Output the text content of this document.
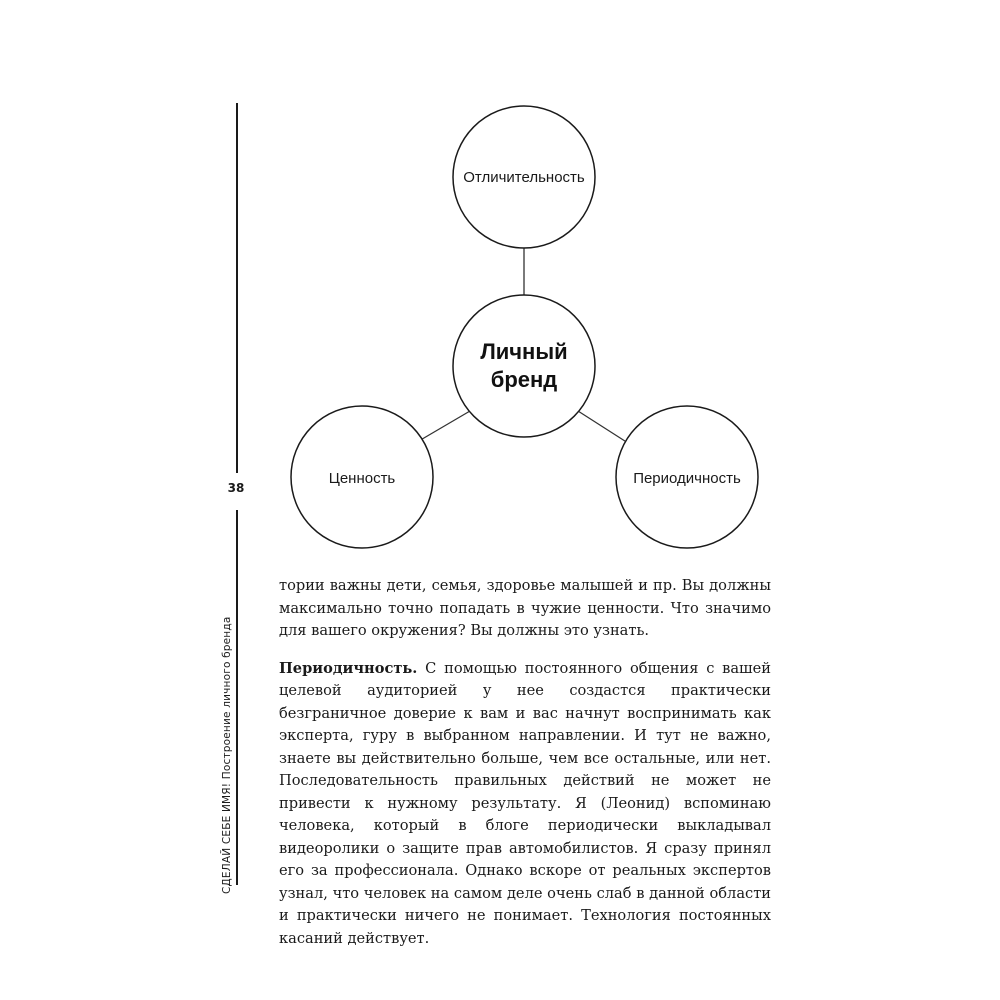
Отличительность
Личный
бренд
Ценность	Периодичность
38
СДЕЛАЙ СЕБЕ ИМЯ! Построение личного бренда

тории важны дети, семья, здоровье малышей и пр. Вы должны максимально точно попадать в чужие ценности. Что значимо для вашего окружения? Вы должны это узнать.

Периодичность. С помощью постоянного общения с вашей целевой аудиторией у нее создастся практически безграничное доверие к вам и вас начнут воспринимать как эксперта, гуру в выбранном направлении. И тут не важно, знаете вы действительно больше, чем все остальные, или нет. Последовательность правильных действий не может не привести к нужному результату. Я (Леонид) вспоминаю человека, который в блоге периодически выкладывал видеоролики о защите прав автомобилистов. Я сразу принял его за профессионала. Однако вскоре от реальных экспертов узнал, что человек на самом деле очень слаб в данной области и практически ничего не понимает. Технология постоянных касаний действует.
